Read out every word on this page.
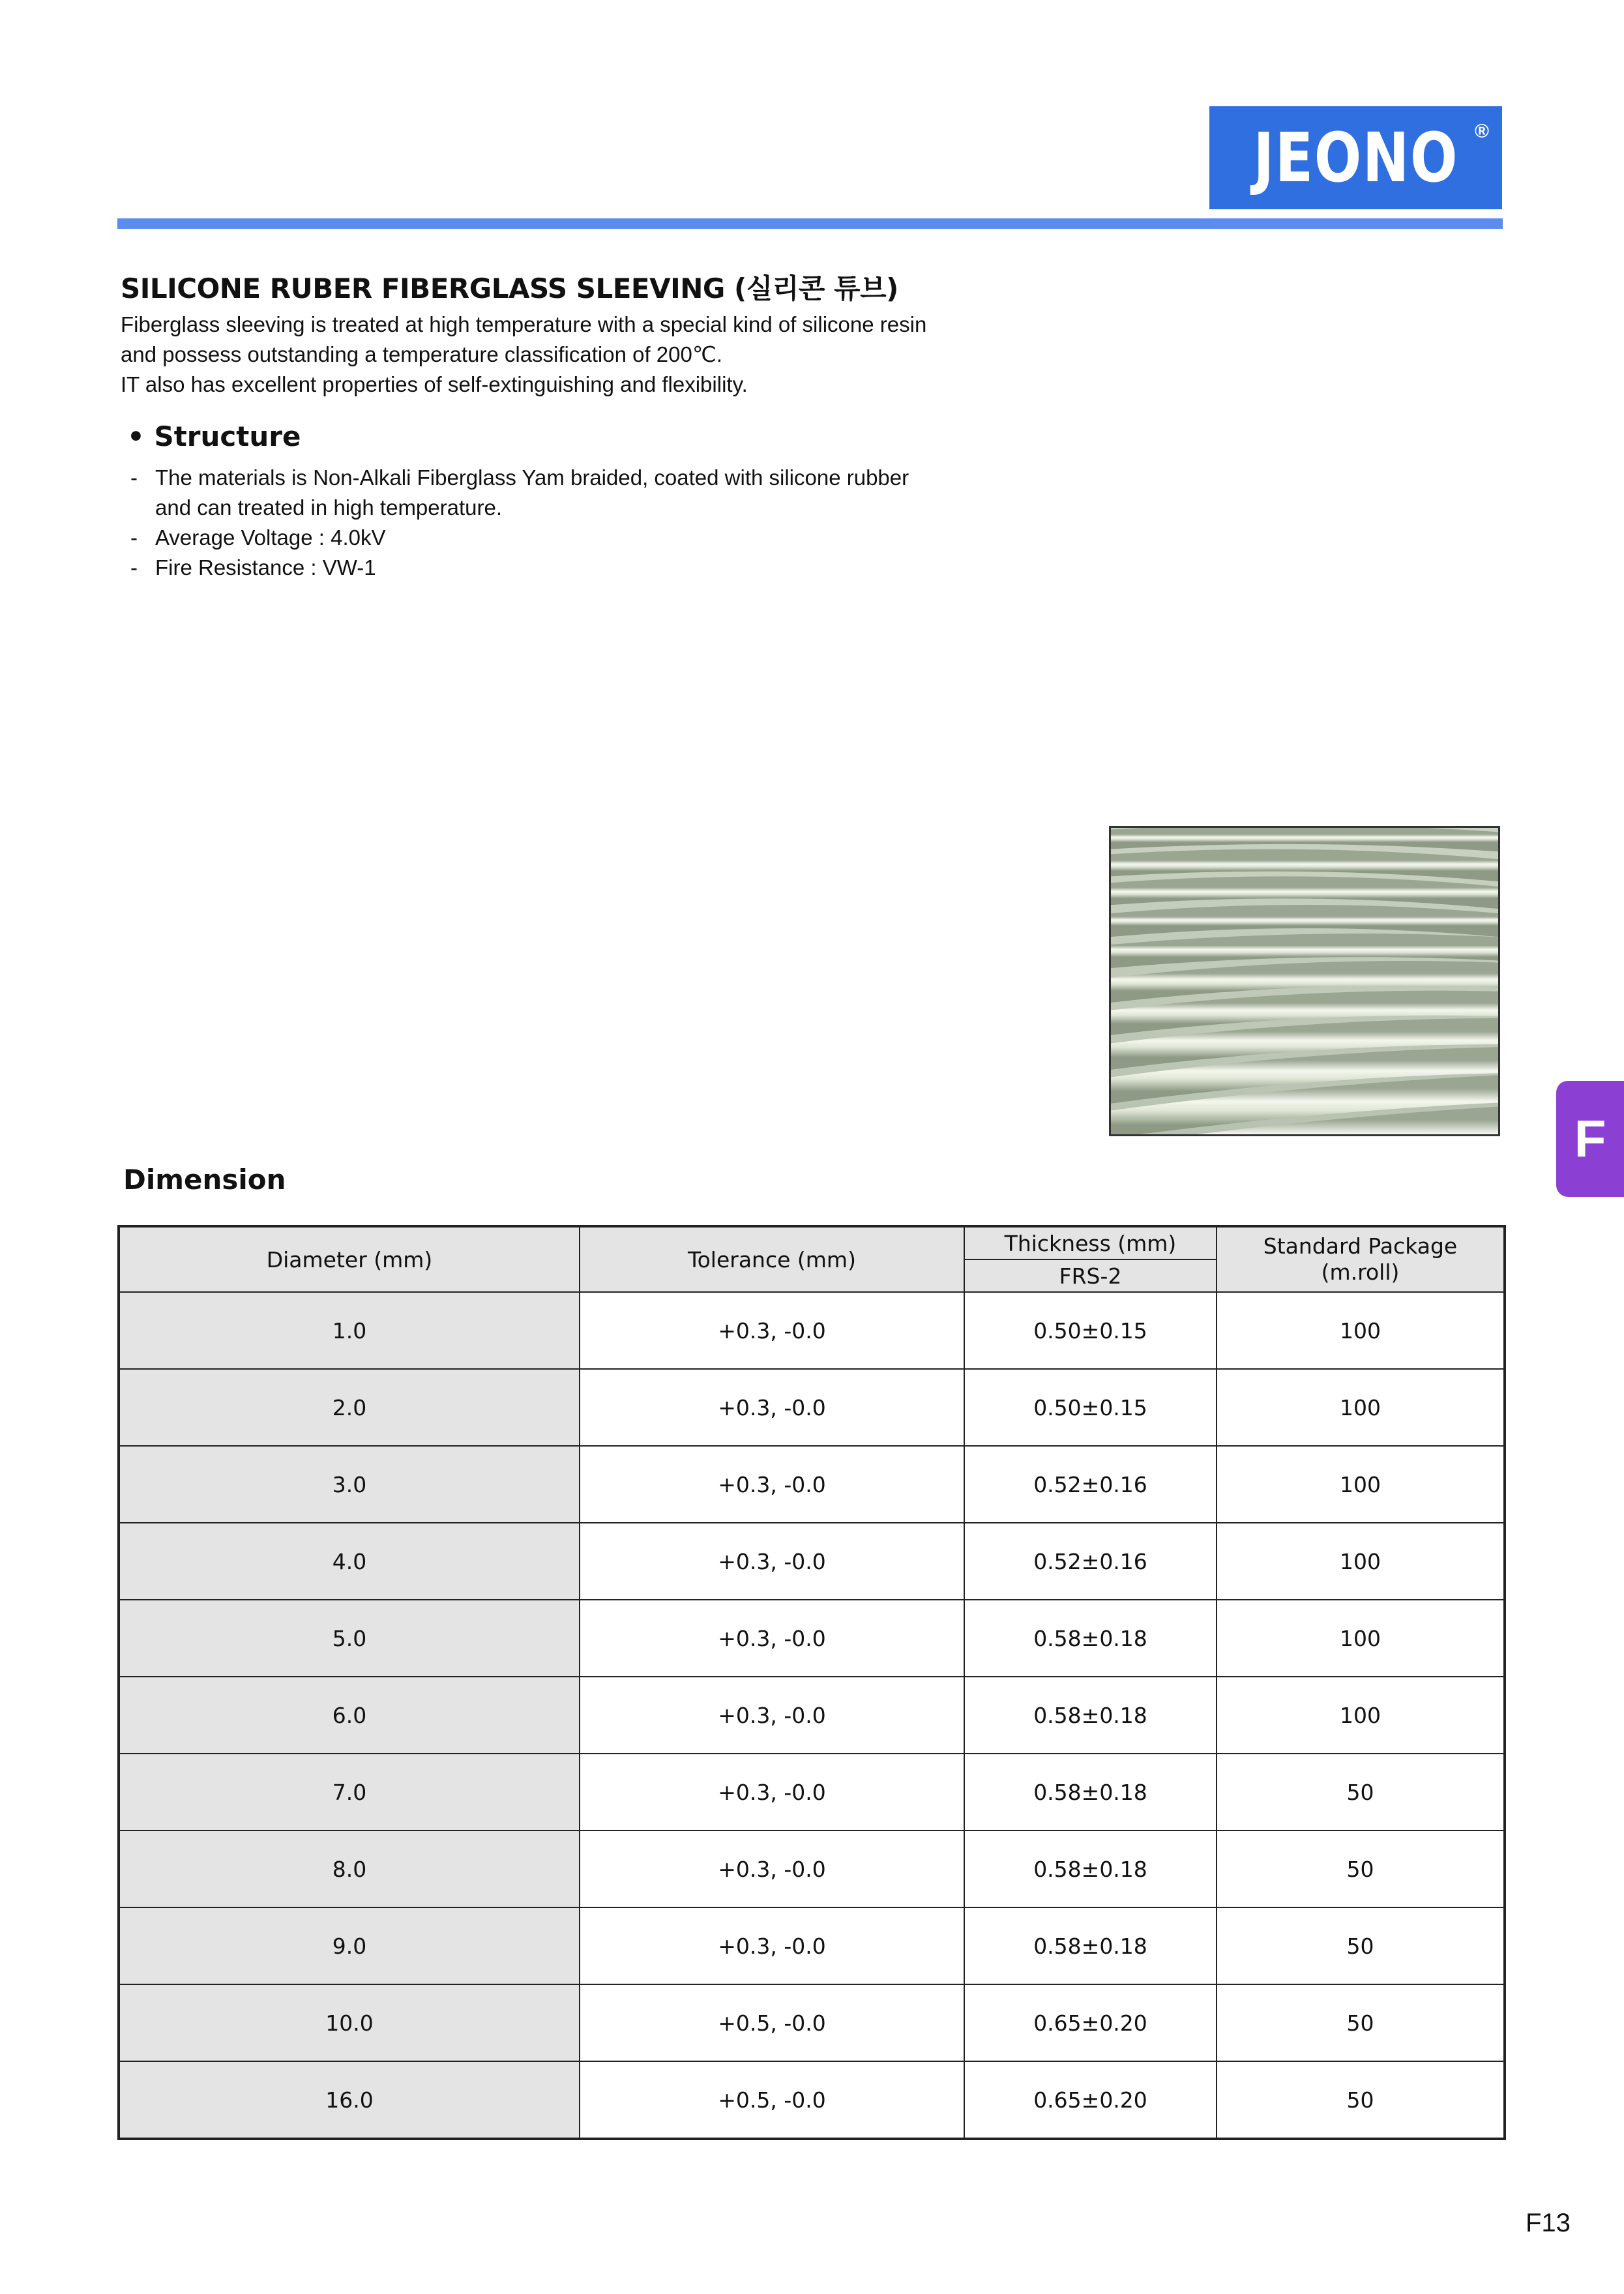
JEONO ®
SILICONE RUBER FIBERGLASS SLEEVING (실리콘 튜브)
Fiberglass sleeving is treated at high temperature with a special kind of silicone resin
and possess outstanding a temperature classification of 200℃.
IT also has excellent properties of self-extinguishing and flexibility.
• Structure
- The materials is Non-Alkali Fiberglass Yam braided, coated with silicone rubber
and can treated in high temperature.
- Average Voltage : 4.0kV
- Fire Resistance : VW-1
F
Dimension
Diameter (mm)	Tolerance (mm)	Thickness (mm)	Standard Package
(m.roll)

		FRS-2	
1.0	+0.3, -0.0	0.50±0.15	100
2.0	+0.3, -0.0	0.50±0.15	100
3.0	+0.3, -0.0	0.52±0.16	100
4.0	+0.3, -0.0	0.52±0.16	100
5.0	+0.3, -0.0	0.58±0.18	100
6.0	+0.3, -0.0	0.58±0.18	100
7.0	+0.3, -0.0	0.58±0.18	50
8.0	+0.3, -0.0	0.58±0.18	50
9.0	+0.3, -0.0	0.58±0.18	50
10.0	+0.5, -0.0	0.65±0.20	50
16.0	+0.5, -0.0	0.65±0.20	50
F13
